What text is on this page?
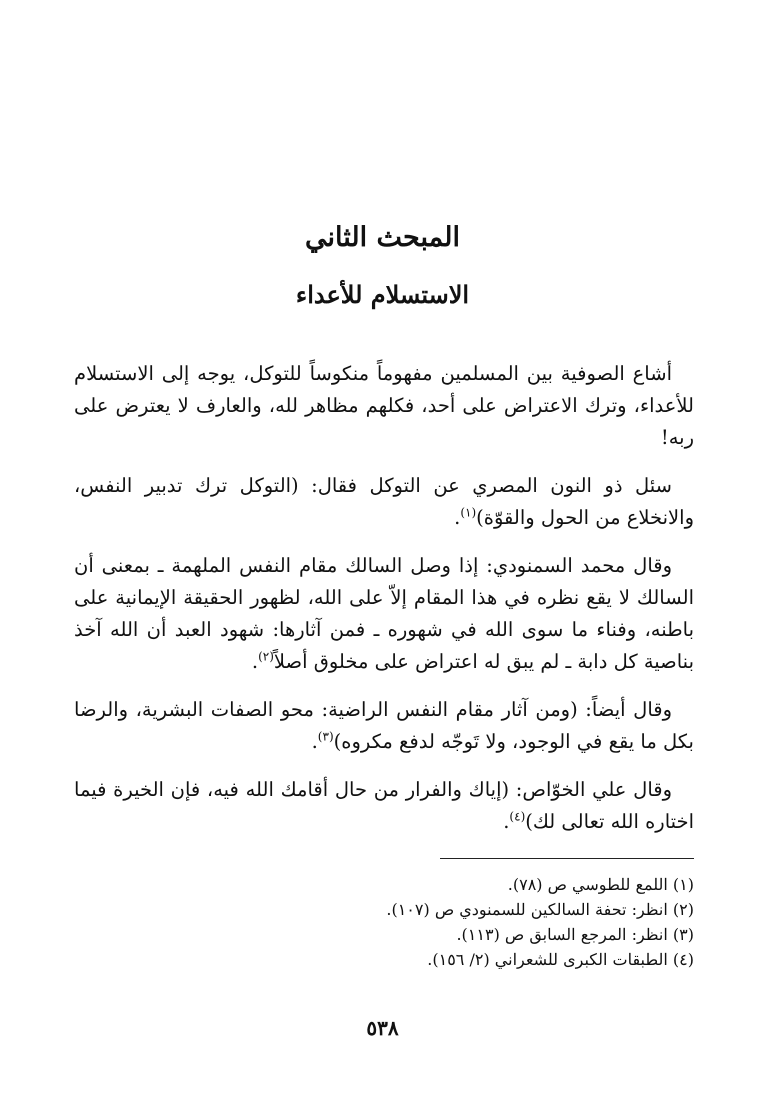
المبحث الثاني
الاستسلام للأعداء

أشاع الصوفية بين المسلمين مفهوماً منكوساً للتوكل، يوجه إلى الاستسلام للأعداء، وترك الاعتراض على أحد، فكلهم مظاهر لله، والعارف لا يعترض على ربه!

سئل ذو النون المصري عن التوكل فقال: (التوكل ترك تدبير النفس، والانخلاع من الحول والقوّة)$^{(١)}$.

وقال محمد السمنودي: إذا وصل السالك مقام النفس الملهمة ـ بمعنى أن السالك لا يقع نظره في هذا المقام إلاّ على الله، لظهور الحقيقة الإيمانية على باطنه، وفناء ما سوى الله في شهوره ـ فمن آثارها: شهود العبد أن الله آخذ بناصية كل دابة ـ لم يبق له اعتراض على مخلوق أصلاً$^{(٢)}$.

وقال أيضاً: (ومن آثار مقام النفس الراضية: محو الصفات البشرية، والرضا بكل ما يقع في الوجود، ولا تَوجّه لدفع مكروه)$^{(٣)}$.

وقال علي الخوّاص: (إياك والفرار من حال أقامك الله فيه، فإن الخيرة فيما اختاره الله تعالى لك)$^{(٤)}$.

(١) اللمع للطوسي ص (٧٨).

(٢) انظر: تحفة السالكين للسمنودي ص (١٠٧).

(٣) انظر: المرجع السابق ص (١١٣).

(٤) الطبقات الكبرى للشعراني (٢/ ١٥٦).

٥٣٨
